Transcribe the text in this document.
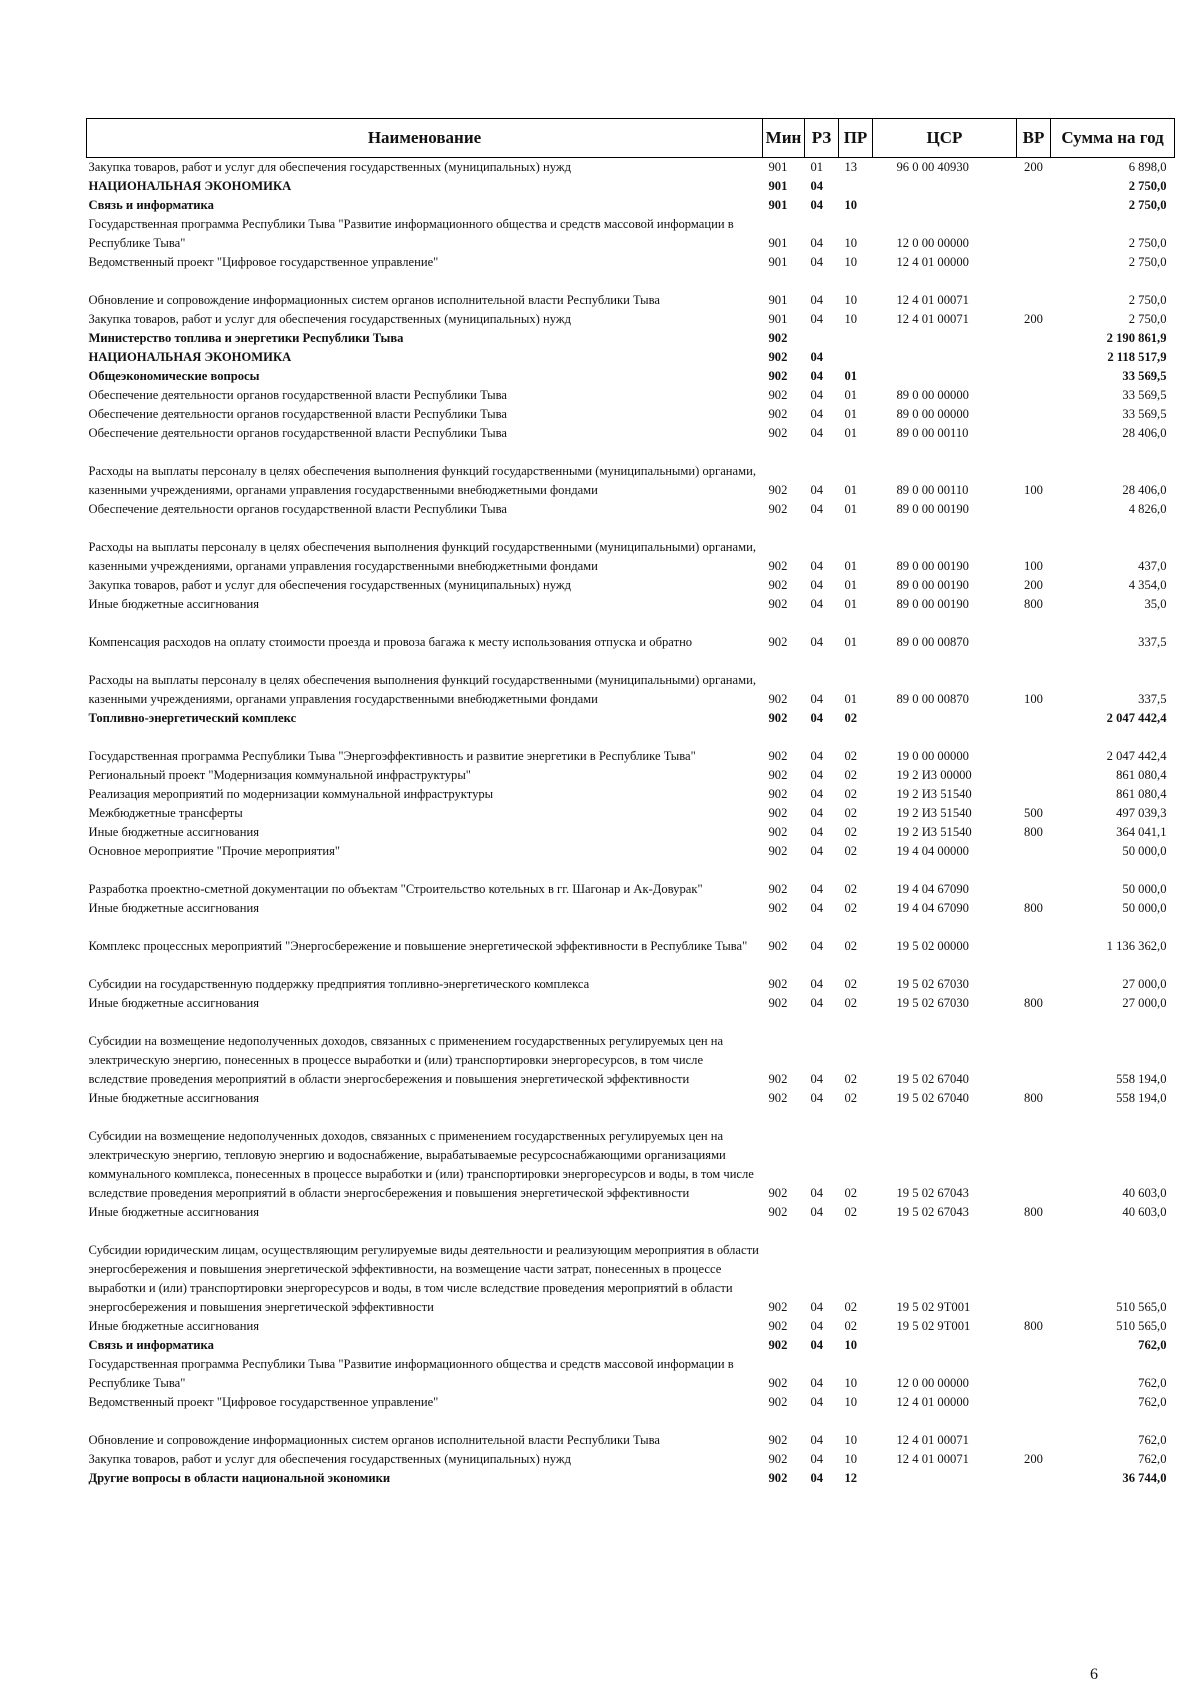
Наименование	Мин	РЗ	ПР	ЦСР	ВР	Сумма на год
Закупка товаров, работ и услуг для обеспечения государственных (муниципальных) нужд	901	01	13	96 0 00 40930	200	6 898,0
НАЦИОНАЛЬНАЯ ЭКОНОМИКА	901	04				2 750,0
Связь и информатика	901	04	10			2 750,0
Государственная программа Республики Тыва "Развитие информационного общества и средств массовой информации в Республике Тыва"	901	04	10	12 0 00 00000		2 750,0
Ведомственный проект "Цифровое государственное управление"	901	04	10	12 4 01 00000		2 750,0
Обновление и сопровождение информационных систем органов исполнительной власти Республики Тыва	901	04	10	12 4 01 00071		2 750,0
Закупка товаров, работ и услуг для обеспечения государственных (муниципальных) нужд	901	04	10	12 4 01 00071	200	2 750,0
Министерство топлива и энергетики Республики Тыва	902					2 190 861,9
НАЦИОНАЛЬНАЯ ЭКОНОМИКА	902	04				2 118 517,9
Общеэкономические вопросы	902	04	01			33 569,5
Обеспечение деятельности органов государственной власти Республики Тыва	902	04	01	89 0 00 00000		33 569,5
Обеспечение деятельности органов государственной власти Республики Тыва	902	04	01	89 0 00 00000		33 569,5
Обеспечение деятельности органов государственной власти Республики Тыва	902	04	01	89 0 00 00110		28 406,0
Расходы на выплаты персоналу в целях обеспечения выполнения функций государственными (муниципальными) органами, казенными учреждениями, органами управления государственными внебюджетными фондами	902	04	01	89 0 00 00110	100	28 406,0
Обеспечение деятельности органов государственной власти Республики Тыва	902	04	01	89 0 00 00190		4 826,0
Расходы на выплаты персоналу в целях обеспечения выполнения функций государственными (муниципальными) органами, казенными учреждениями, органами управления государственными внебюджетными фондами	902	04	01	89 0 00 00190	100	437,0
Закупка товаров, работ и услуг для обеспечения государственных (муниципальных) нужд	902	04	01	89 0 00 00190	200	4 354,0
Иные бюджетные ассигнования	902	04	01	89 0 00 00190	800	35,0
Компенсация расходов на оплату стоимости проезда и провоза багажа к месту использования отпуска и обратно	902	04	01	89 0 00 00870		337,5
Расходы на выплаты персоналу в целях обеспечения выполнения функций государственными (муниципальными) органами, казенными учреждениями, органами управления государственными внебюджетными фондами	902	04	01	89 0 00 00870	100	337,5
Топливно-энергетический комплекс	902	04	02			2 047 442,4
Государственная программа Республики Тыва "Энергоэффективность и развитие энергетики в Республике Тыва"	902	04	02	19 0 00 00000		2 047 442,4
Региональный проект "Модернизация коммунальной инфраструктуры"	902	04	02	19 2 И3 00000		861 080,4
Реализация мероприятий по модернизации коммунальной инфраструктуры	902	04	02	19 2 И3 51540		861 080,4
Межбюджетные трансферты	902	04	02	19 2 И3 51540	500	497 039,3
Иные бюджетные ассигнования	902	04	02	19 2 И3 51540	800	364 041,1
Основное мероприятие "Прочие мероприятия"	902	04	02	19 4 04 00000		50 000,0
Разработка проектно-сметной документации по объектам "Строительство котельных в гг. Шагонар и Ак-Довурак"	902	04	02	19 4 04 67090		50 000,0
Иные бюджетные ассигнования	902	04	02	19 4 04 67090	800	50 000,0
Комплекс процессных мероприятий "Энергосбережение и повышение энергетической эффективности в Республике Тыва"	902	04	02	19 5 02 00000		1 136 362,0
Субсидии на государственную поддержку предприятия топливно-энергетического комплекса	902	04	02	19 5 02 67030		27 000,0
Иные бюджетные ассигнования	902	04	02	19 5 02 67030	800	27 000,0
Субсидии на возмещение недополученных доходов, связанных с применением государственных регулируемых цен на электрическую энергию, понесенных в процессе выработки и (или) транспортировки энергоресурсов, в том числе вследствие проведения мероприятий в области энергосбережения и повышения энергетической эффективности	902	04	02	19 5 02 67040		558 194,0
Иные бюджетные ассигнования	902	04	02	19 5 02 67040	800	558 194,0
Субсидии на возмещение недополученных доходов, связанных с применением государственных регулируемых цен на электрическую энергию, тепловую энергию и водоснабжение, вырабатываемые ресурсоснабжающими организациями коммунального комплекса, понесенных в процессе выработки и (или) транспортировки энергоресурсов и воды, в том числе вследствие проведения мероприятий в области энергосбережения и повышения энергетической эффективности	902	04	02	19 5 02 67043		40 603,0
Иные бюджетные ассигнования	902	04	02	19 5 02 67043	800	40 603,0
Субсидии юридическим лицам, осуществляющим регулируемые виды деятельности и реализующим мероприятия в области энергосбережения и повышения энергетической эффективности, на возмещение части затрат, понесенных в процессе выработки и (или) транспортировки энергоресурсов и воды, в том числе вследствие проведения мероприятий в области энергосбережения и повышения энергетической эффективности	902	04	02	19 5 02 9Т001		510 565,0
Иные бюджетные ассигнования	902	04	02	19 5 02 9Т001	800	510 565,0
Связь и информатика	902	04	10			762,0
Государственная программа Республики Тыва "Развитие информационного общества и средств массовой информации в Республике Тыва"	902	04	10	12 0 00 00000		762,0
Ведомственный проект "Цифровое государственное управление"	902	04	10	12 4 01 00000		762,0
Обновление и сопровождение информационных систем органов исполнительной власти Республики Тыва	902	04	10	12 4 01 00071		762,0
Закупка товаров, работ и услуг для обеспечения государственных (муниципальных) нужд	902	04	10	12 4 01 00071	200	762,0
Другие вопросы в области национальной экономики	902	04	12			36 744,0
6
